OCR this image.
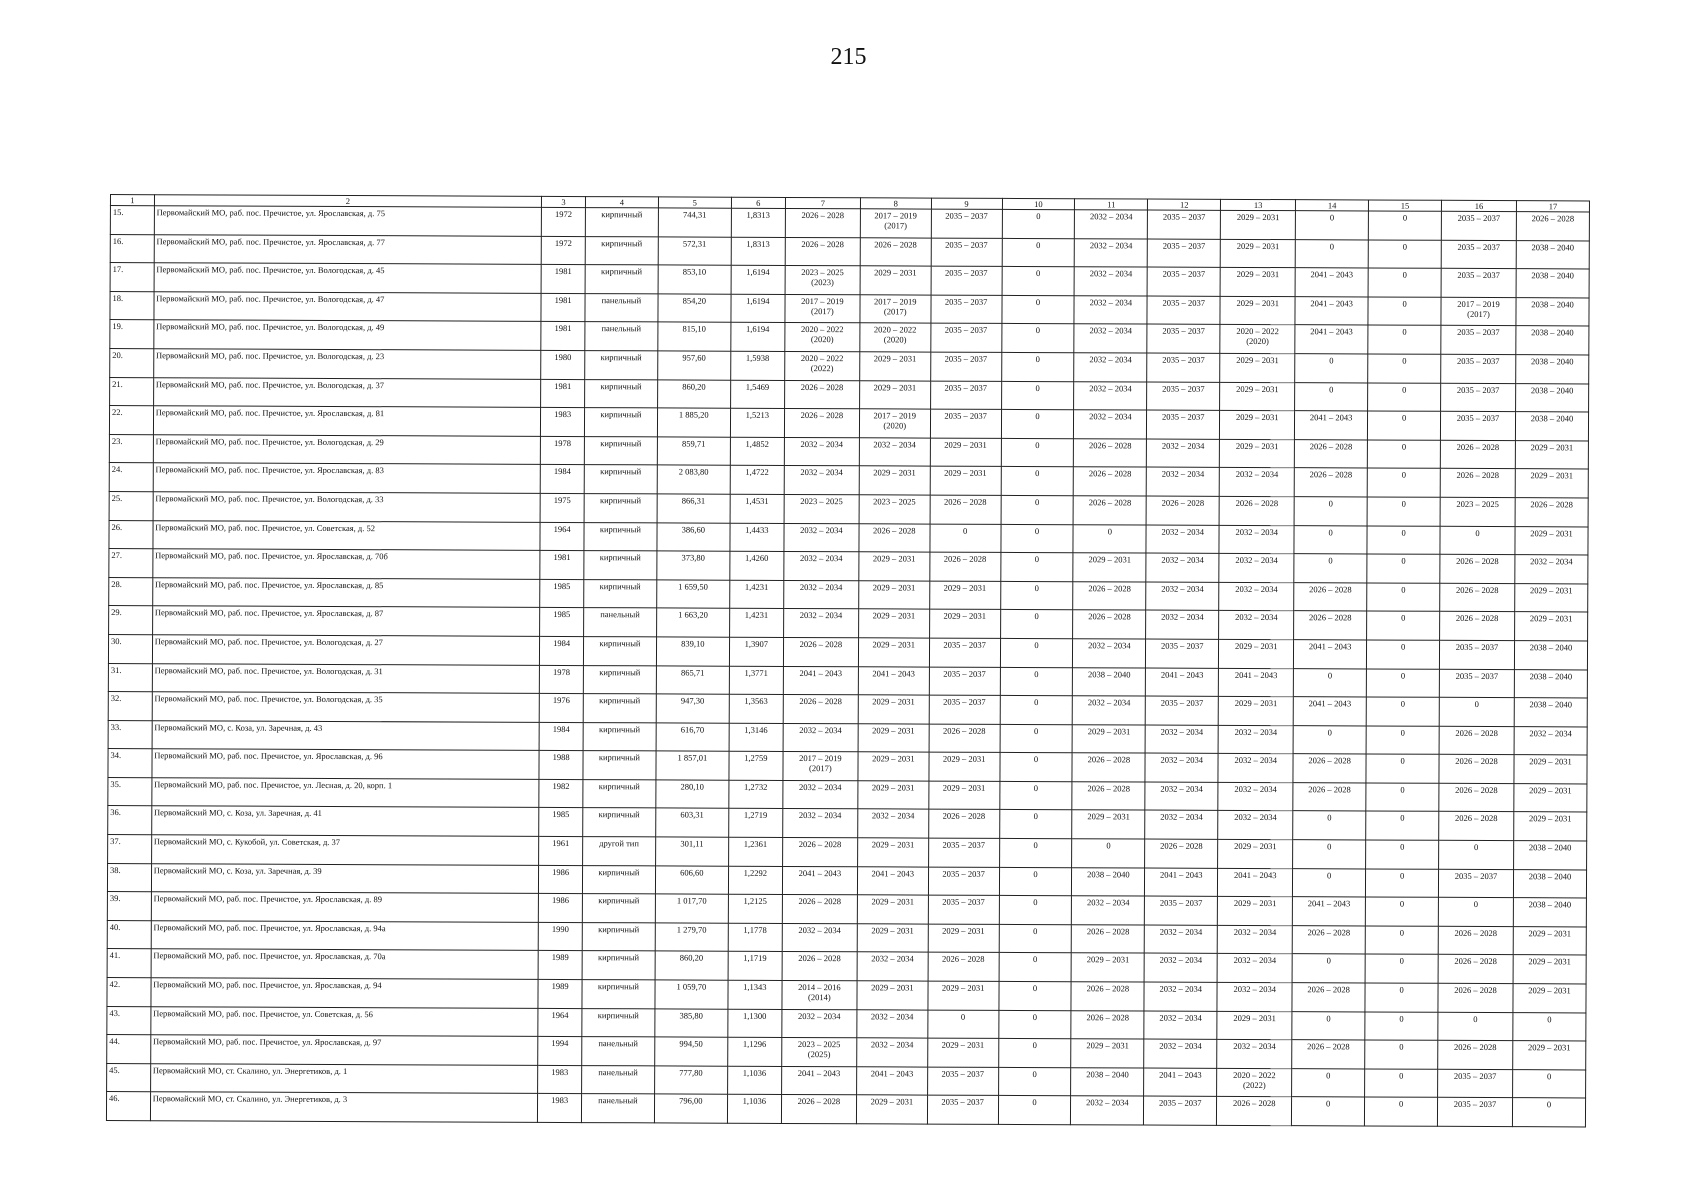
215
1	2	3	4	5	6	7	8	9	10	11	12	13	14	15	16	17

15.	Первомайский МО, раб. пос. Пречистое, ул. Ярославская, д. 75	1972	кирпичный	744,31	1,8313	2026 – 2028	2017 – 2019
(2017)	2035 – 2037	0	2032 – 2034	2035 – 2037	2029 – 2031	0	0	2035 – 2037	2026 – 2028

16.	Первомайский МО, раб. пос. Пречистое, ул. Ярославская, д. 77	1972	кирпичный	572,31	1,8313	2026 – 2028	2026 – 2028	2035 – 2037	0	2032 – 2034	2035 – 2037	2029 – 2031	0	0	2035 – 2037	2038 – 2040

17.	Первомайский МО, раб. пос. Пречистое, ул. Вологодская, д. 45	1981	кирпичный	853,10	1,6194	2023 – 2025
(2023)	2029 – 2031	2035 – 2037	0	2032 – 2034	2035 – 2037	2029 – 2031	2041 – 2043	0	2035 – 2037	2038 – 2040

18.	Первомайский МО, раб. пос. Пречистое, ул. Вологодская, д. 47	1981	панельный	854,20	1,6194	2017 – 2019
(2017)	2017 – 2019
(2017)	2035 – 2037	0	2032 – 2034	2035 – 2037	2029 – 2031	2041 – 2043	0	2017 – 2019
(2017)	2038 – 2040

19.	Первомайский МО, раб. пос. Пречистое, ул. Вологодская, д. 49	1981	панельный	815,10	1,6194	2020 – 2022
(2020)	2020 – 2022
(2020)	2035 – 2037	0	2032 – 2034	2035 – 2037	2020 – 2022
(2020)	2041 – 2043	0	2035 – 2037	2038 – 2040

20.	Первомайский МО, раб. пос. Пречистое, ул. Вологодская, д. 23	1980	кирпичный	957,60	1,5938	2020 – 2022
(2022)	2029 – 2031	2035 – 2037	0	2032 – 2034	2035 – 2037	2029 – 2031	0	0	2035 – 2037	2038 – 2040

21.	Первомайский МО, раб. пос. Пречистое, ул. Вологодская, д. 37	1981	кирпичный	860,20	1,5469	2026 – 2028	2029 – 2031	2035 – 2037	0	2032 – 2034	2035 – 2037	2029 – 2031	0	0	2035 – 2037	2038 – 2040

22.	Первомайский МО, раб. пос. Пречистое, ул. Ярославская, д. 81	1983	кирпичный	1 885,20	1,5213	2026 – 2028	2017 – 2019
(2020)	2035 – 2037	0	2032 – 2034	2035 – 2037	2029 – 2031	2041 – 2043	0	2035 – 2037	2038 – 2040

23.	Первомайский МО, раб. пос. Пречистое, ул. Вологодская, д. 29	1978	кирпичный	859,71	1,4852	2032 – 2034	2032 – 2034	2029 – 2031	0	2026 – 2028	2032 – 2034	2029 – 2031	2026 – 2028	0	2026 – 2028	2029 – 2031

24.	Первомайский МО, раб. пос. Пречистое, ул. Ярославская, д. 83	1984	кирпичный	2 083,80	1,4722	2032 – 2034	2029 – 2031	2029 – 2031	0	2026 – 2028	2032 – 2034	2032 – 2034	2026 – 2028	0	2026 – 2028	2029 – 2031

25.	Первомайский МО, раб. пос. Пречистое, ул. Вологодская, д. 33	1975	кирпичный	866,31	1,4531	2023 – 2025	2023 – 2025	2026 – 2028	0	2026 – 2028	2026 – 2028	2026 – 2028	0	0	2023 – 2025	2026 – 2028

26.	Первомайский МО, раб. пос. Пречистое, ул. Советская, д. 52	1964	кирпичный	386,60	1,4433	2032 – 2034	2026 – 2028	0	0	0	2032 – 2034	2032 – 2034	0	0	0	2029 – 2031

27.	Первомайский МО, раб. пос. Пречистое, ул. Ярославская, д. 70б	1981	кирпичный	373,80	1,4260	2032 – 2034	2029 – 2031	2026 – 2028	0	2029 – 2031	2032 – 2034	2032 – 2034	0	0	2026 – 2028	2032 – 2034

28.	Первомайский МО, раб. пос. Пречистое, ул. Ярославская, д. 85	1985	кирпичный	1 659,50	1,4231	2032 – 2034	2029 – 2031	2029 – 2031	0	2026 – 2028	2032 – 2034	2032 – 2034	2026 – 2028	0	2026 – 2028	2029 – 2031

29.	Первомайский МО, раб. пос. Пречистое, ул. Ярославская, д. 87	1985	панельный	1 663,20	1,4231	2032 – 2034	2029 – 2031	2029 – 2031	0	2026 – 2028	2032 – 2034	2032 – 2034	2026 – 2028	0	2026 – 2028	2029 – 2031

30.	Первомайский МО, раб. пос. Пречистое, ул. Вологодская, д. 27	1984	кирпичный	839,10	1,3907	2026 – 2028	2029 – 2031	2035 – 2037	0	2032 – 2034	2035 – 2037	2029 – 2031	2041 – 2043	0	2035 – 2037	2038 – 2040

31.	Первомайский МО, раб. пос. Пречистое, ул. Вологодская, д. 31	1978	кирпичный	865,71	1,3771	2041 – 2043	2041 – 2043	2035 – 2037	0	2038 – 2040	2041 – 2043	2041 – 2043	0	0	2035 – 2037	2038 – 2040

32.	Первомайский МО, раб. пос. Пречистое, ул. Вологодская, д. 35	1976	кирпичный	947,30	1,3563	2026 – 2028	2029 – 2031	2035 – 2037	0	2032 – 2034	2035 – 2037	2029 – 2031	2041 – 2043	0	0	2038 – 2040

33.	Первомайский МО, с. Коза, ул. Заречная, д. 43	1984	кирпичный	616,70	1,3146	2032 – 2034	2029 – 2031	2026 – 2028	0	2029 – 2031	2032 – 2034	2032 – 2034	0	0	2026 – 2028	2032 – 2034

34.	Первомайский МО, раб. пос. Пречистое, ул. Ярославская, д. 96	1988	кирпичный	1 857,01	1,2759	2017 – 2019
(2017)	2029 – 2031	2029 – 2031	0	2026 – 2028	2032 – 2034	2032 – 2034	2026 – 2028	0	2026 – 2028	2029 – 2031

35.	Первомайский МО, раб. пос. Пречистое, ул. Лесная, д. 20, корп. 1	1982	кирпичный	280,10	1,2732	2032 – 2034	2029 – 2031	2029 – 2031	0	2026 – 2028	2032 – 2034	2032 – 2034	2026 – 2028	0	2026 – 2028	2029 – 2031

36.	Первомайский МО, с. Коза, ул. Заречная, д. 41	1985	кирпичный	603,31	1,2719	2032 – 2034	2032 – 2034	2026 – 2028	0	2029 – 2031	2032 – 2034	2032 – 2034	0	0	2026 – 2028	2029 – 2031

37.	Первомайский МО, с. Кукобой, ул. Советская, д. 37	1961	другой тип	301,11	1,2361	2026 – 2028	2029 – 2031	2035 – 2037	0	0	2026 – 2028	2029 – 2031	0	0	0	2038 – 2040

38.	Первомайский МО, с. Коза, ул. Заречная, д. 39	1986	кирпичный	606,60	1,2292	2041 – 2043	2041 – 2043	2035 – 2037	0	2038 – 2040	2041 – 2043	2041 – 2043	0	0	2035 – 2037	2038 – 2040

39.	Первомайский МО, раб. пос. Пречистое, ул. Ярославская, д. 89	1986	кирпичный	1 017,70	1,2125	2026 – 2028	2029 – 2031	2035 – 2037	0	2032 – 2034	2035 – 2037	2029 – 2031	2041 – 2043	0	0	2038 – 2040

40.	Первомайский МО, раб. пос. Пречистое, ул. Ярославская, д. 94а	1990	кирпичный	1 279,70	1,1778	2032 – 2034	2029 – 2031	2029 – 2031	0	2026 – 2028	2032 – 2034	2032 – 2034	2026 – 2028	0	2026 – 2028	2029 – 2031

41.	Первомайский МО, раб. пос. Пречистое, ул. Ярославская, д. 70а	1989	кирпичный	860,20	1,1719	2026 – 2028	2032 – 2034	2026 – 2028	0	2029 – 2031	2032 – 2034	2032 – 2034	0	0	2026 – 2028	2029 – 2031

42.	Первомайский МО, раб. пос. Пречистое, ул. Ярославская, д. 94	1989	кирпичный	1 059,70	1,1343	2014 – 2016
(2014)	2029 – 2031	2029 – 2031	0	2026 – 2028	2032 – 2034	2032 – 2034	2026 – 2028	0	2026 – 2028	2029 – 2031

43.	Первомайский МО, раб. пос. Пречистое, ул. Советская, д. 56	1964	кирпичный	385,80	1,1300	2032 – 2034	2032 – 2034	0	0	2026 – 2028	2032 – 2034	2029 – 2031	0	0	0	0

44.	Первомайский МО, раб. пос. Пречистое, ул. Ярославская, д. 97	1994	панельный	994,50	1,1296	2023 – 2025
(2025)	2032 – 2034	2029 – 2031	0	2029 – 2031	2032 – 2034	2032 – 2034	2026 – 2028	0	2026 – 2028	2029 – 2031

45.	Первомайский МО, ст. Скалино, ул. Энергетиков, д. 1	1983	панельный	777,80	1,1036	2041 – 2043	2041 – 2043	2035 – 2037	0	2038 – 2040	2041 – 2043	2020 – 2022
(2022)	0	0	2035 – 2037	0

46.	Первомайский МО, ст. Скалино, ул. Энергетиков, д. 3	1983	панельный	796,00	1,1036	2026 – 2028	2029 – 2031	2035 – 2037	0	2032 – 2034	2035 – 2037	2026 – 2028	0	0	2035 – 2037	0
